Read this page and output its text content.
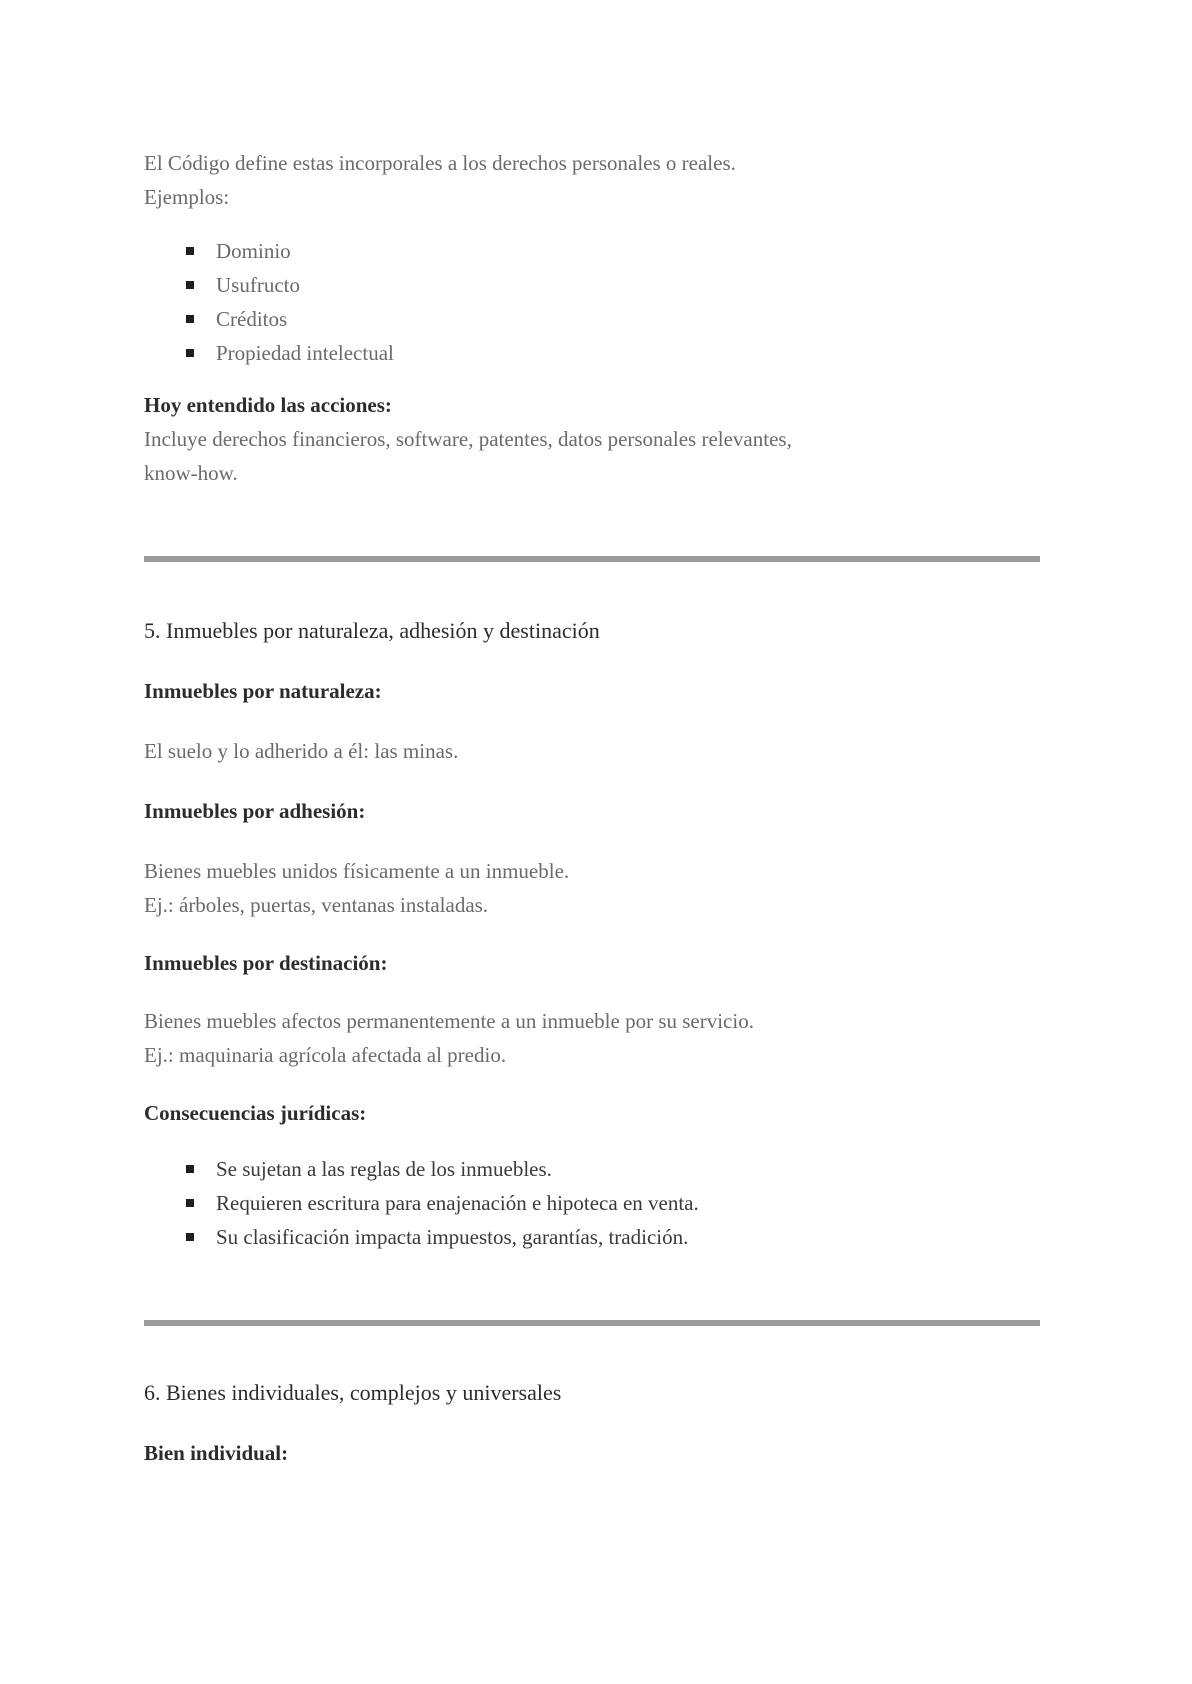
El Código define estas incorporales a los derechos personales o reales.

Ejemplos:

Dominio
Usufructo
Créditos
Propiedad intelectual

Hoy entendido las acciones:

Incluye derechos financieros, software, patentes, datos personales relevantes,

know-how.

5. Inmuebles por naturaleza, adhesión y destinación

Inmuebles por naturaleza:

El suelo y lo adherido a él: las minas.

Inmuebles por adhesión:

Bienes muebles unidos físicamente a un inmueble.

Ej.: árboles, puertas, ventanas instaladas.

Inmuebles por destinación:

Bienes muebles afectos permanentemente a un inmueble por su servicio.

Ej.: maquinaria agrícola afectada al predio.

Consecuencias jurídicas:

Se sujetan a las reglas de los inmuebles.
Requieren escritura para enajenación e hipoteca en venta.
Su clasificación impacta impuestos, garantías, tradición.

6. Bienes individuales, complejos y universales

Bien individual:
